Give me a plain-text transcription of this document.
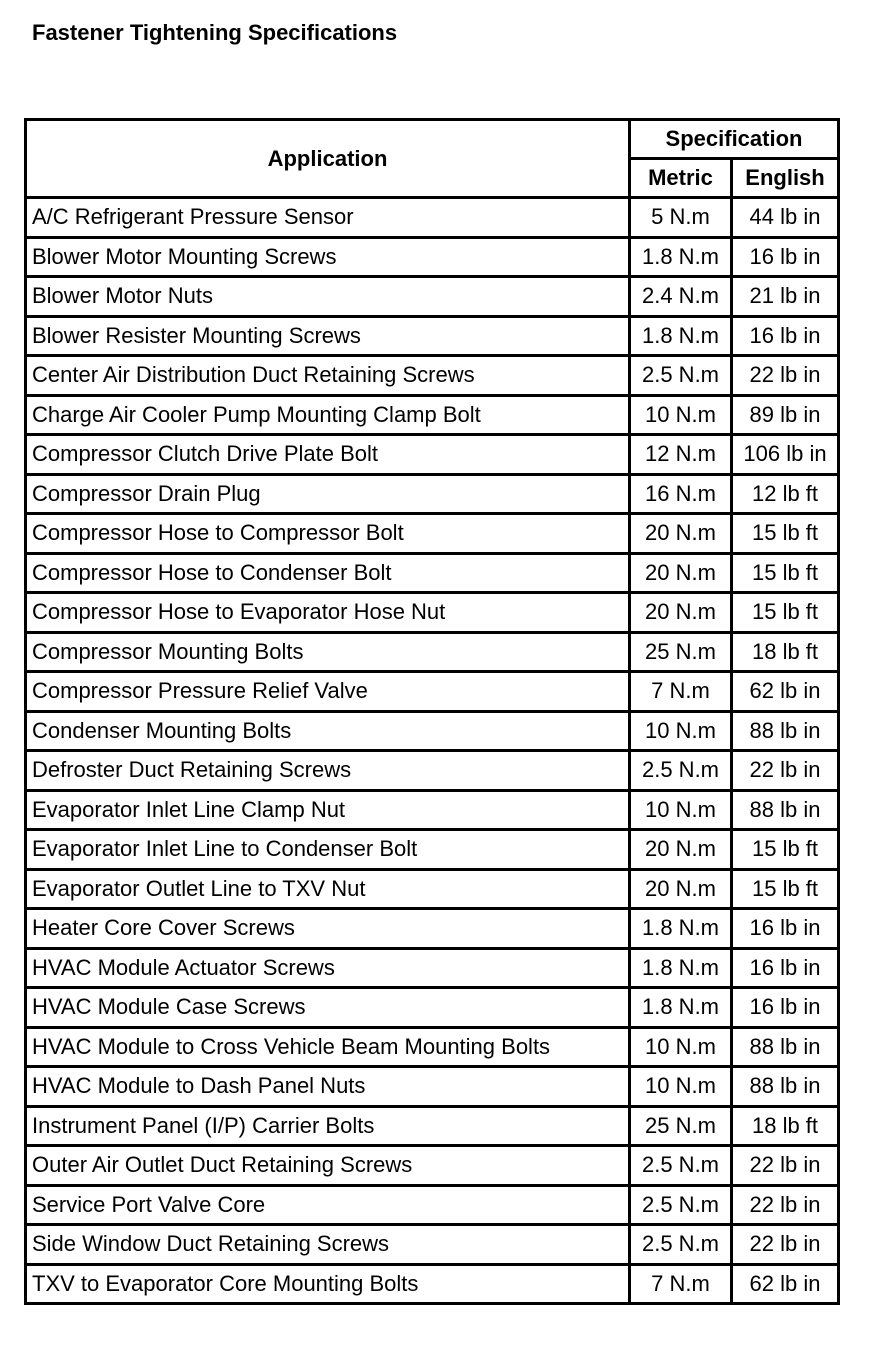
Fastener Tightening Specifications
Application	Specification	
	Metric	English
A/C Refrigerant Pressure Sensor	5 N.m	44 lb in
Blower Motor Mounting Screws	1.8 N.m	16 lb in
Blower Motor Nuts	2.4 N.m	21 lb in
Blower Resister Mounting Screws	1.8 N.m	16 lb in
Center Air Distribution Duct Retaining Screws	2.5 N.m	22 lb in
Charge Air Cooler Pump Mounting Clamp Bolt	10 N.m	89 lb in
Compressor Clutch Drive Plate Bolt	12 N.m	106 lb in
Compressor Drain Plug	16 N.m	12 lb ft
Compressor Hose to Compressor Bolt	20 N.m	15 lb ft
Compressor Hose to Condenser Bolt	20 N.m	15 lb ft
Compressor Hose to Evaporator Hose Nut	20 N.m	15 lb ft
Compressor Mounting Bolts	25 N.m	18 lb ft
Compressor Pressure Relief Valve	7 N.m	62 lb in
Condenser Mounting Bolts	10 N.m	88 lb in
Defroster Duct Retaining Screws	2.5 N.m	22 lb in
Evaporator Inlet Line Clamp Nut	10 N.m	88 lb in
Evaporator Inlet Line to Condenser Bolt	20 N.m	15 lb ft
Evaporator Outlet Line to TXV Nut	20 N.m	15 lb ft
Heater Core Cover Screws	1.8 N.m	16 lb in
HVAC Module Actuator Screws	1.8 N.m	16 lb in
HVAC Module Case Screws	1.8 N.m	16 lb in
HVAC Module to Cross Vehicle Beam Mounting Bolts	10 N.m	88 lb in
HVAC Module to Dash Panel Nuts	10 N.m	88 lb in
Instrument Panel (I/P) Carrier Bolts	25 N.m	18 lb ft
Outer Air Outlet Duct Retaining Screws	2.5 N.m	22 lb in
Service Port Valve Core	2.5 N.m	22 lb in
Side Window Duct Retaining Screws	2.5 N.m	22 lb in
TXV to Evaporator Core Mounting Bolts	7 N.m	62 lb in
